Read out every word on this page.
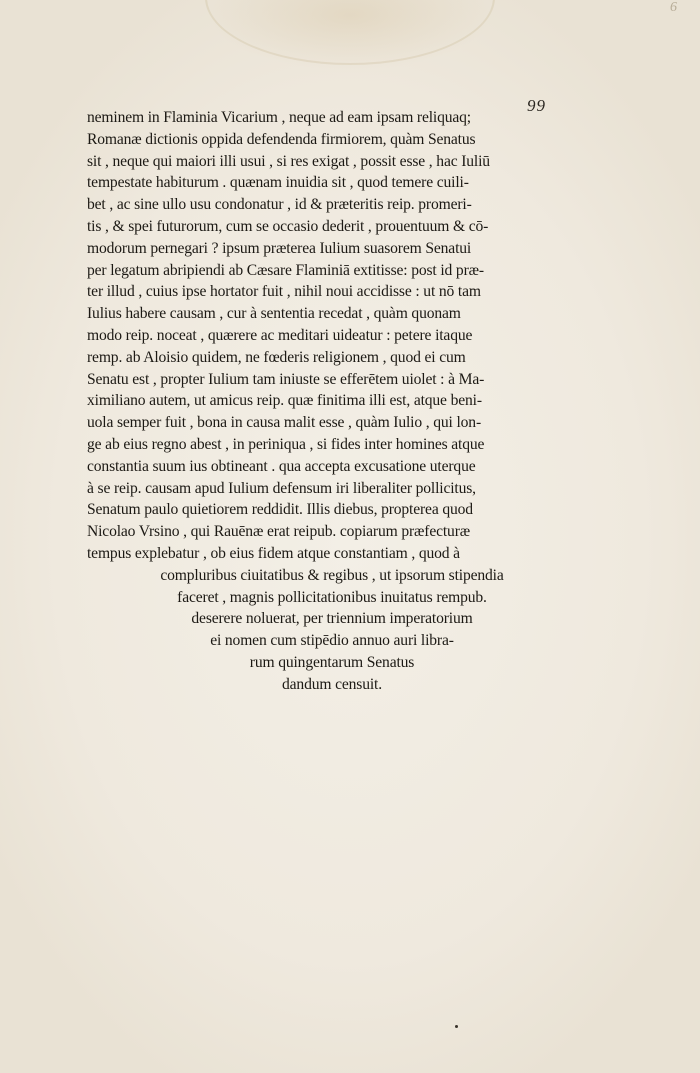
6
99
neminem in Flaminia Vicarium , neque ad eam ipsam reliquaq;
Romanæ dictionis oppida defendenda firmiorem, quàm Senatus
sit , neque qui maiori illi usui , si res exigat , possit esse , hac Iuliū
tempestate habiturum . quænam inuidia sit , quod temere cuili-
bet , ac sine ullo usu condonatur , id & præteritis reip. promeri-
tis , & spei futurorum, cum se occasio dederit , prouentuum & cō-
modorum pernegari ? ipsum præterea Iulium suasorem Senatui
per legatum abripiendi ab Cæsare Flaminiā extitisse: post id præ-
ter illud , cuius ipse hortator fuit , nihil noui accidisse : ut nō tam
Iulius habere causam , cur à sententia recedat , quàm quonam
modo reip. noceat , quærere ac meditari uideatur : petere itaque
remp. ab Aloisio quidem, ne fœderis religionem , quod ei cum
Senatu est , propter Iulium tam iniuste se efferētem uiolet : à Ma-
ximiliano autem, ut amicus reip. quæ finitima illi est, atque beni-
uola semper fuit , bona in causa malit esse , quàm Iulio , qui lon-
ge ab eius regno abest , in periniqua , si fides inter homines atque
constantia suum ius obtineant . qua accepta excusatione uterque
à se reip. causam apud Iulium defensum iri liberaliter pollicitus,
Senatum paulo quietiorem reddidit. Illis diebus, propterea quod
Nicolao Vrsino , qui Rauēnæ erat reipub. copiarum præfecturæ
tempus explebatur , ob eius fidem atque constantiam , quod à
compluribus ciuitatibus & regibus , ut ipsorum stipendia
faceret , magnis pollicitationibus inuitatus rempub.
deserere noluerat, per triennium imperatorium
ei nomen cum stipēdio annuo auri libra-
rum quingentarum Senatus
dandum censuit.
